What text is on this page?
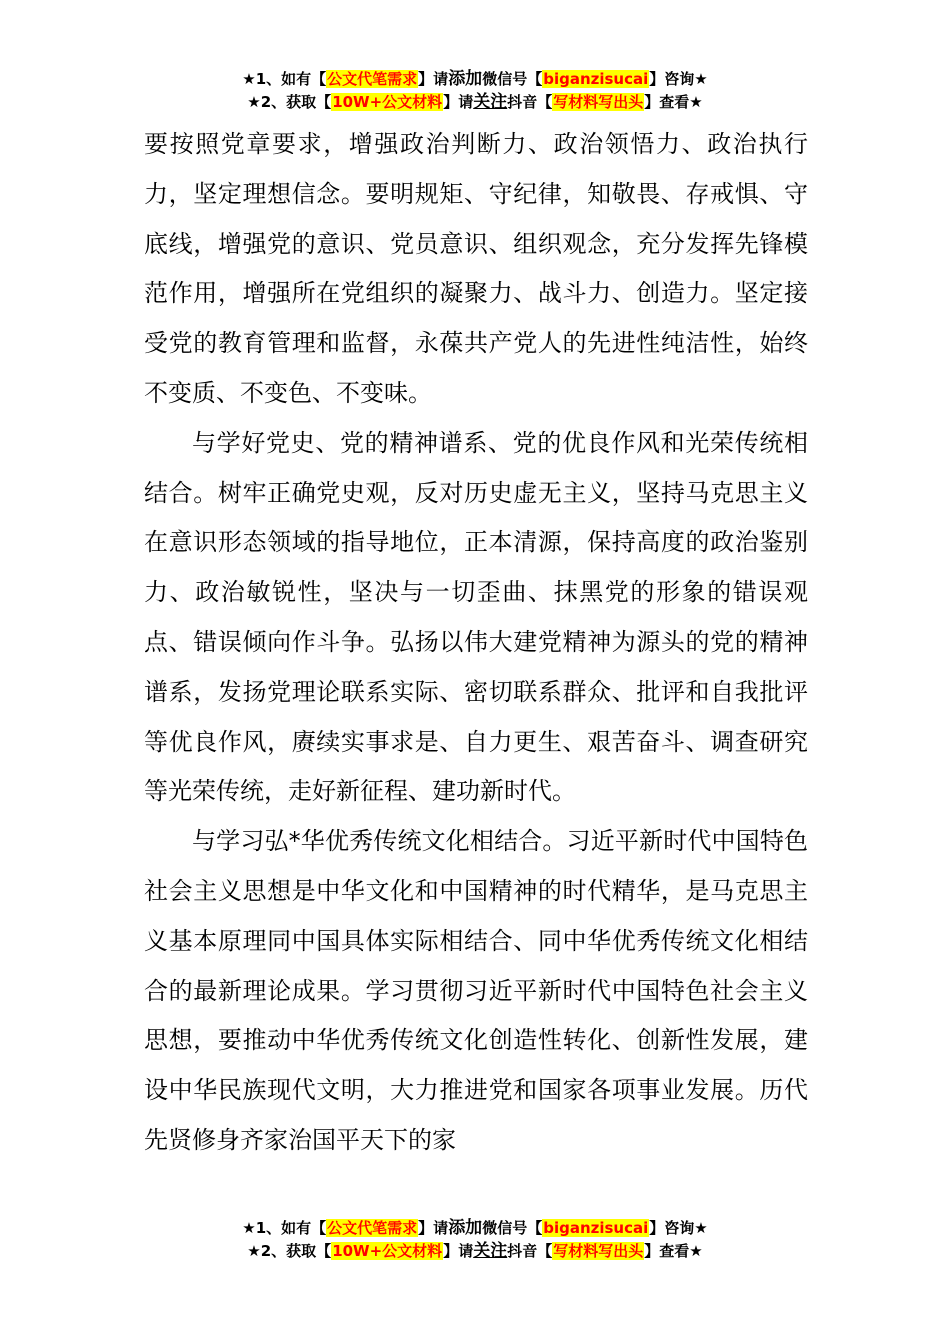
★1、如有【公文代笔需求】请添加微信号【biganzisucai】咨询★
★2、获取【10W+公文材料】请关注抖音【写材料写出头】查看★

要按照党章要求，增强政治判断力、政治领悟力、政治执行力，坚定理想信念。要明规矩、守纪律，知敬畏、存戒惧、守底线，增强党的意识、党员意识、组织观念，充分发挥先锋模范作用，增强所在党组织的凝聚力、战斗力、创造力。坚定接受党的教育管理和监督，永葆共产党人的先进性纯洁性，始终不变质、不变色、不变味。

与学好党史、党的精神谱系、党的优良作风和光荣传统相结合。树牢正确党史观，反对历史虚无主义，坚持马克思主义在意识形态领域的指导地位，正本清源，保持高度的政治鉴别力、政治敏锐性，坚决与一切歪曲、抹黑党的形象的错误观点、错误倾向作斗争。弘扬以伟大建党精神为源头的党的精神谱系，发扬党理论联系实际、密切联系群众、批评和自我批评等优良作风，赓续实事求是、自力更生、艰苦奋斗、调查研究等光荣传统，走好新征程、建功新时代。

与学习弘*华优秀传统文化相结合。习近平新时代中国特色社会主义思想是中华文化和中国精神的时代精华，是马克思主义基本原理同中国具体实际相结合、同中华优秀传统文化相结合的最新理论成果。学习贯彻习近平新时代中国特色社会主义思想，要推动中华优秀传统文化创造性转化、创新性发展，建设中华民族现代文明，大力推进党和国家各项事业发展。历代先贤修身齐家治国平天下的家

★1、如有【公文代笔需求】请添加微信号【biganzisucai】咨询★
★2、获取【10W+公文材料】请关注抖音【写材料写出头】查看★
